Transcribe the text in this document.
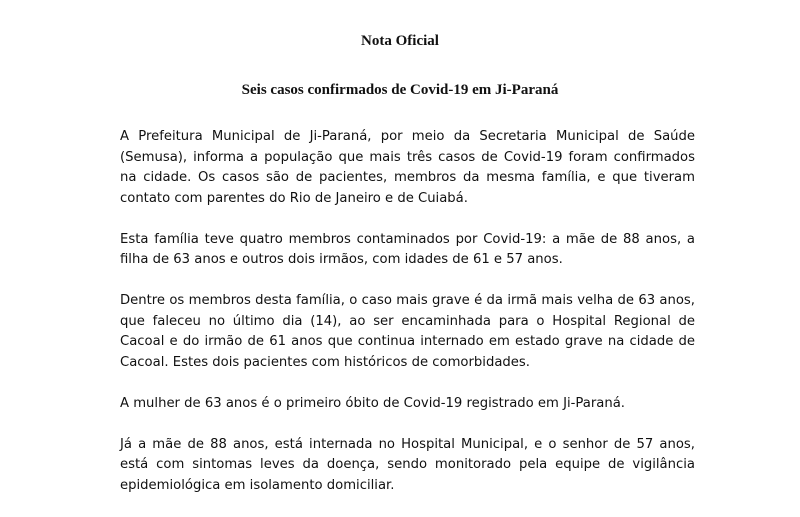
Nota Oficial
Seis casos confirmados de Covid-19 em Ji-Paraná

A Prefeitura Municipal de Ji-Paraná, por meio da Secretaria Municipal de Saúde (Semusa), informa a população que mais três casos de Covid-19 foram confirmados na cidade. Os casos são de pacientes, membros da mesma família, e que tiveram contato com parentes do Rio de Janeiro e de Cuiabá.

Esta família teve quatro membros contaminados por Covid-19: a mãe de 88 anos, a filha de 63 anos e outros dois irmãos, com idades de 61 e 57 anos.

Dentre os membros desta família, o caso mais grave é da irmã mais velha de 63 anos, que faleceu no último dia (14), ao ser encaminhada para o Hospital Regional de Cacoal e do irmão de 61 anos que continua internado em estado grave na cidade de Cacoal. Estes dois pacientes com históricos de comorbidades.

A mulher de 63 anos é o primeiro óbito de Covid-19 registrado em Ji-Paraná.

Já a mãe de 88 anos, está internada no Hospital Municipal, e o senhor de 57 anos, está com sintomas leves da doença, sendo monitorado pela equipe de vigilância epidemiológica em isolamento domiciliar.
